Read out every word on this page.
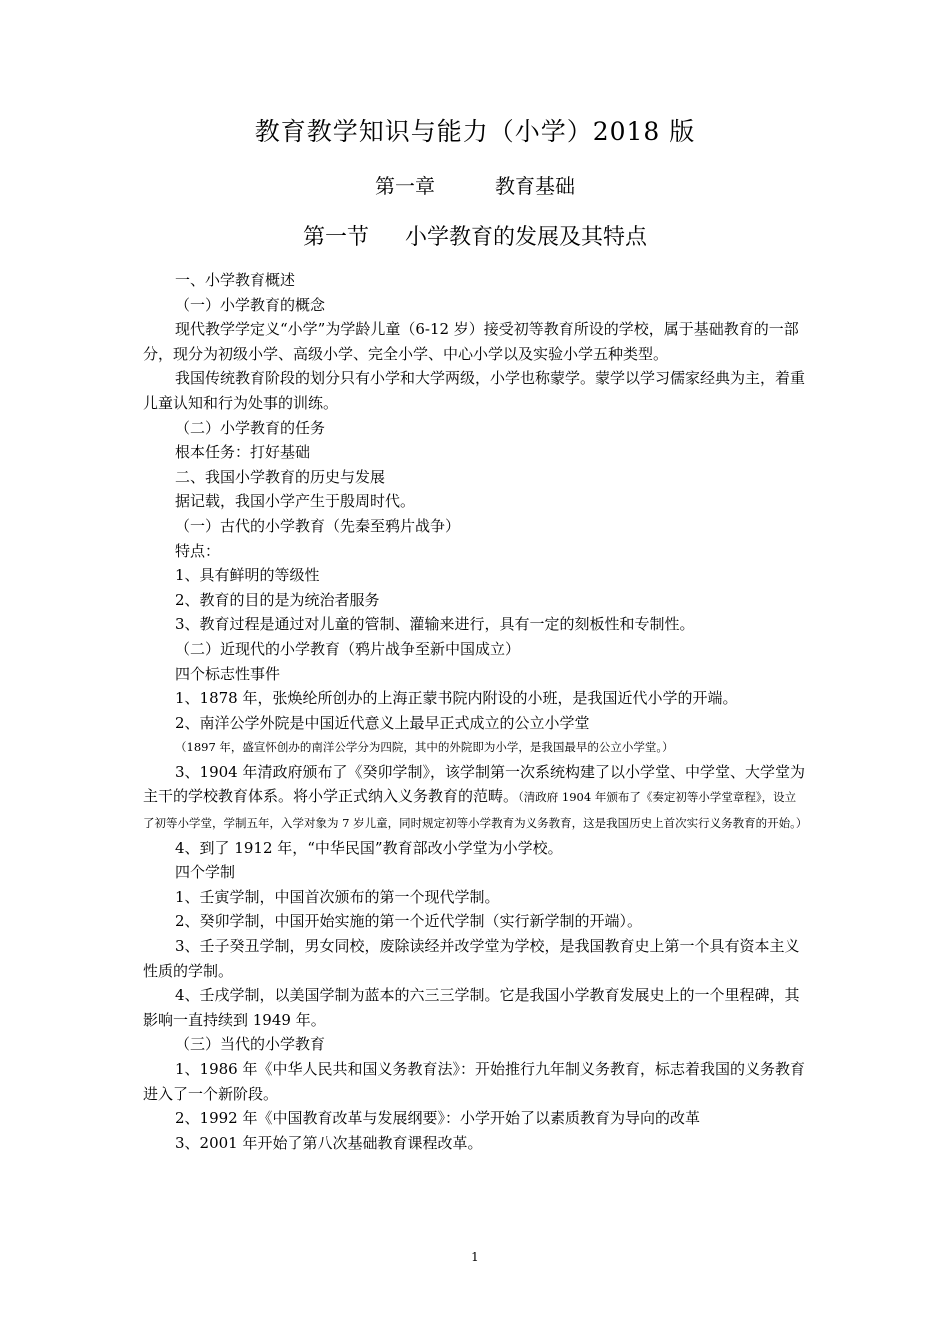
教育教学知识与能力（小学）2018 版
第一章	教育基础
第一节 小学教育的发展及其特点

一、小学教育概述

（一）小学教育的概念

现代教学学定义“小学”为学龄儿童（6-12 岁）接受初等教育所设的学校，属于基础教育的一部分，现分为初级小学、高级小学、完全小学、中心小学以及实验小学五种类型。

我国传统教育阶段的划分只有小学和大学两级，小学也称蒙学。蒙学以学习儒家经典为主，着重儿童认知和行为处事的训练。

（二）小学教育的任务

根本任务：打好基础

二、我国小学教育的历史与发展

据记载，我国小学产生于殷周时代。

（一）古代的小学教育（先秦至鸦片战争）

特点：

1、具有鲜明的等级性

2、教育的目的是为统治者服务

3、教育过程是通过对儿童的管制、灌输来进行，具有一定的刻板性和专制性。

（二）近现代的小学教育（鸦片战争至新中国成立）

四个标志性事件

1、1878 年，张焕纶所创办的上海正蒙书院内附设的小班，是我国近代小学的开端。

2、南洋公学外院是中国近代意义上最早正式成立的公立小学堂

（1897 年，盛宣怀创办的南洋公学分为四院，其中的外院即为小学，是我国最早的公立小学堂。）

3、1904 年清政府颁布了《癸卯学制》，该学制第一次系统构建了以小学堂、中学堂、大学堂为主干的学校教育体系。将小学正式纳入义务教育的范畴。（清政府 1904 年颁布了《奏定初等小学堂章程》，设立了初等小学堂，学制五年，入学对象为 7 岁儿童，同时规定初等小学教育为义务教育，这是我国历史上首次实行义务教育的开始。）

4、到了 1912 年，“中华民国”教育部改小学堂为小学校。

四个学制

1、壬寅学制，中国首次颁布的第一个现代学制。

2、癸卯学制，中国开始实施的第一个近代学制（实行新学制的开端）。

3、壬子癸丑学制，男女同校，废除读经并改学堂为学校，是我国教育史上第一个具有资本主义性质的学制。

4、壬戌学制，以美国学制为蓝本的六三三学制。它是我国小学教育发展史上的一个里程碑，其影响一直持续到 1949 年。

（三）当代的小学教育

1、1986 年《中华人民共和国义务教育法》：开始推行九年制义务教育，标志着我国的义务教育进入了一个新阶段。

2、1992 年《中国教育改革与发展纲要》：小学开始了以素质教育为导向的改革

3、2001 年开始了第八次基础教育课程改革。

1
